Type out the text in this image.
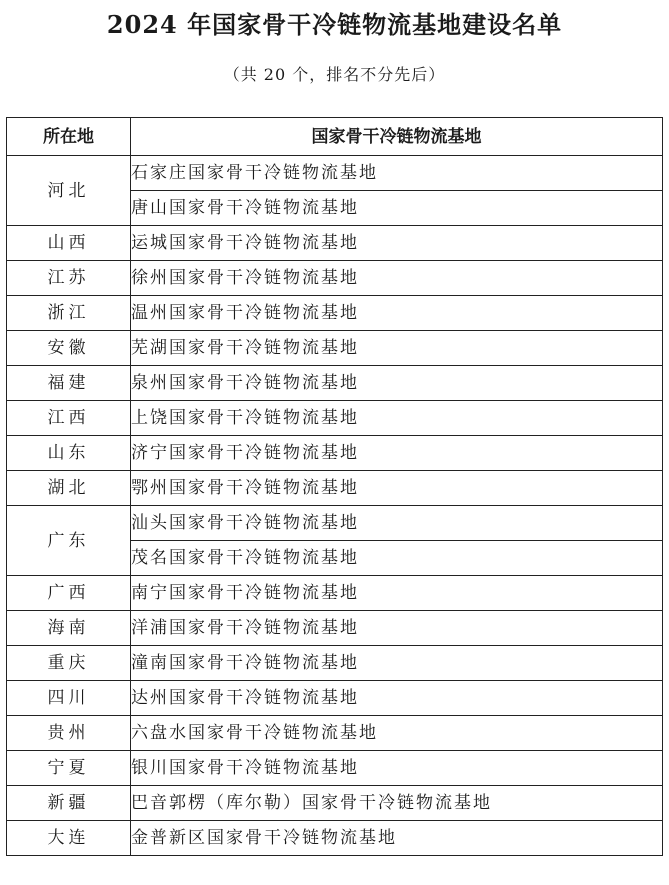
2024 年国家骨干冷链物流基地建设名单
（共 20 个，排名不分先后）
所在地	国家骨干冷链物流基地
河北	石家庄国家骨干冷链物流基地
	唐山国家骨干冷链物流基地
山西	运城国家骨干冷链物流基地
江苏	徐州国家骨干冷链物流基地
浙江	温州国家骨干冷链物流基地
安徽	芜湖国家骨干冷链物流基地
福建	泉州国家骨干冷链物流基地
江西	上饶国家骨干冷链物流基地
山东	济宁国家骨干冷链物流基地
湖北	鄂州国家骨干冷链物流基地
广东	汕头国家骨干冷链物流基地
	茂名国家骨干冷链物流基地
广西	南宁国家骨干冷链物流基地
海南	洋浦国家骨干冷链物流基地
重庆	潼南国家骨干冷链物流基地
四川	达州国家骨干冷链物流基地
贵州	六盘水国家骨干冷链物流基地
宁夏	银川国家骨干冷链物流基地
新疆	巴音郭楞（库尔勒）国家骨干冷链物流基地
大连	金普新区国家骨干冷链物流基地
